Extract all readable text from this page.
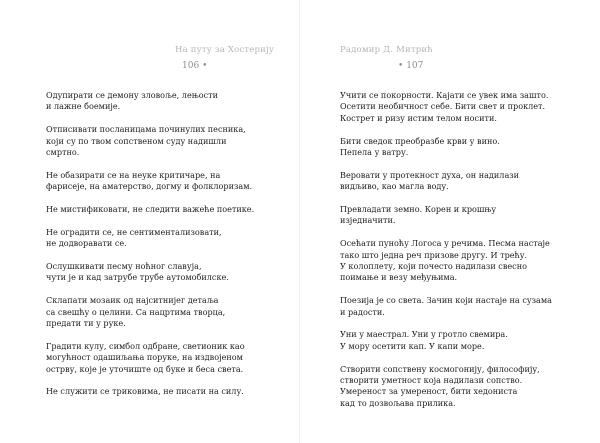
На путу за Хостерију
106 •
Одупирати се демону зловоље, лењости
и лажне боемије.
Отписивати посланицама починулих песника,
који су по твом сопственом суду надишли
смртно.
Не обазирати се на неуке критичаре, на
фарисеје, на аматерство, догму и фолклоризам.
Не мистификовати, не следити важеће поетике.
Не оградити се, не сентиментализовати,
не додворавати се.
Ослушкивати песму ноћног славуја,
чути је и кад затрубе трубе аутомобилске.
Склапати мозаик од најситнијег детаља
са свешћу о целини. Са нацртима творца,
предати ти у руке.
Градити кулу, симбол одбране, светионик као
могућност одашиљања поруке, на издвојеном
острву, које је уточиште од буке и беса света.
Не служити се триковима, не писати на силу.
Радомир Д. Митрић
• 107
Учити се покорности. Кајати се увек има зашто.
Осетити необичност себе. Бити свет и проклет.
Кострет и ризу истим телом носити.
Бити сведок преобразбе крви у вино.
Пепела у ватру.
Веровати у протекност духа, он надилази
видљиво, као магла воду.
Превладати земно. Корен и крошњу
изједначити.
Осећати пуноћу Логоса у речима. Песма настаје
тако што једна реч призове другу. И трећу.
У колоплету, који почесто надилази свесно
поимање и везу међуњима.
Поезија је со света. Зачин који настаје на сузама
и радости.
Уни у маестрал. Уни у гротло свемира.
У мору осетити кап. У капи море.
Створити сопствену космогонију, философију,
створити уметност која надилази сопство.
Умереност за умереност, бити хедониста
кад то дозвољава прилика.
